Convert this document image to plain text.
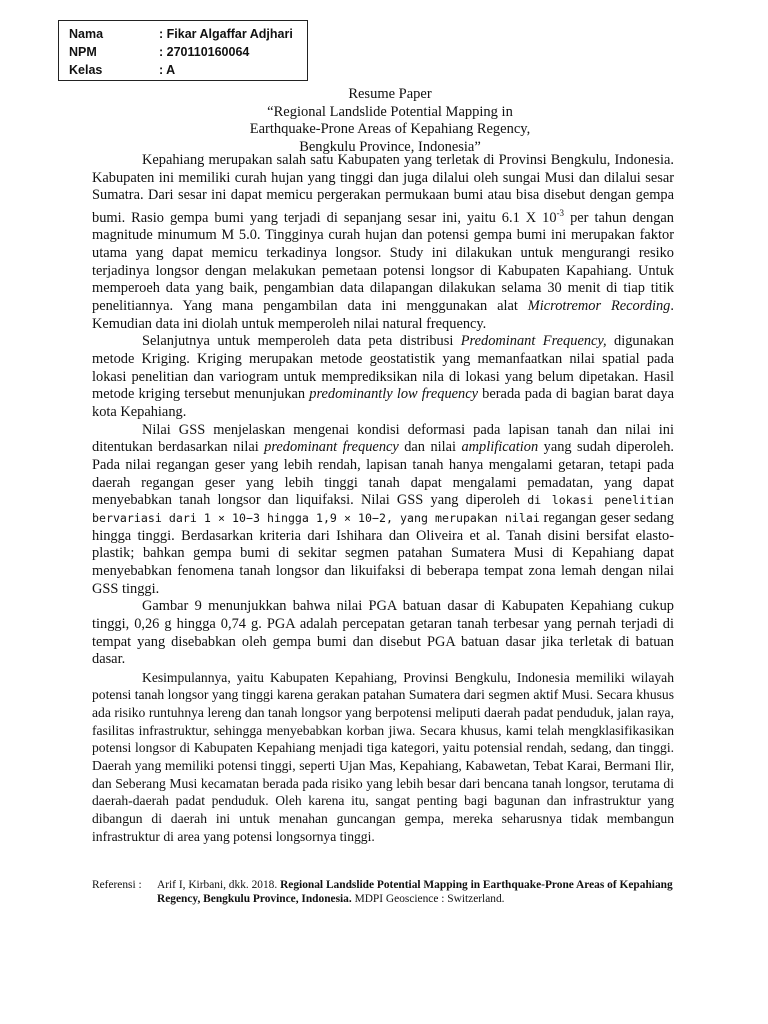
Nama	: Fikar Algaffar Adjhari
NPM	: 270110160064
Kelas	: A
Resume Paper
“Regional Landslide Potential Mapping in
Earthquake-Prone Areas of Kepahiang Regency,
Bengkulu Province, Indonesia”

Kepahiang merupakan salah satu Kabupaten yang terletak di Provinsi Bengkulu, Indonesia. Kabupaten ini memiliki curah hujan yang tinggi dan juga dilalui oleh sungai Musi dan dilalui sesar Sumatra. Dari sesar ini dapat memicu pergerakan permukaan bumi atau bisa disebut dengan gempa bumi. Rasio gempa bumi yang terjadi di sepanjang sesar ini, yaitu 6.1 X $10^{-3}$ per tahun dengan magnitude minumum M 5.0. Tingginya curah hujan dan potensi gempa bumi ini merupakan faktor utama yang dapat memicu terkadinya longsor. Study ini dilakukan untuk mengurangi resiko terjadinya longsor dengan melakukan pemetaan potensi longsor di Kabupaten Kapahiang. Untuk memperoeh data yang baik, pengambian data dilapangan dilakukan selama 30 menit di tiap titik penelitiannya. Yang mana pengambilan data ini menggunakan alat Microtremor Recording. Kemudian data ini diolah untuk memperoleh nilai natural frequency.

Selanjutnya untuk memperoleh data peta distribusi Predominant Frequency, digunakan metode Kriging. Kriging merupakan metode geostatistik yang memanfaatkan nilai spatial pada lokasi penelitian dan variogram untuk memprediksikan nila di lokasi yang belum dipetakan. Hasil metode kriging tersebut menunjukan predominantly low frequency berada pada di bagian barat daya kota Kepahiang.

Nilai GSS menjelaskan mengenai kondisi deformasi pada lapisan tanah dan nilai ini ditentukan berdasarkan nilai predominant frequency dan nilai amplification yang sudah diperoleh. Pada nilai regangan geser yang lebih rendah, lapisan tanah hanya mengalami getaran, tetapi pada daerah regangan geser yang lebih tinggi tanah dapat mengalami pemadatan, yang dapat menyebabkan tanah longsor dan liquifaksi. Nilai GSS yang diperoleh di lokasi penelitian bervariasi dari 1 × 10−3 hingga 1,9 × 10−2, yang merupakan nilai regangan geser sedang hingga tinggi. Berdasarkan kriteria dari Ishihara dan Oliveira et al. Tanah disini bersifat elasto-plastik; bahkan gempa bumi di sekitar segmen patahan Sumatera Musi di Kepahiang dapat menyebabkan fenomena tanah longsor dan likuifaksi di beberapa tempat zona lemah dengan nilai GSS tinggi.

Gambar 9 menunjukkan bahwa nilai PGA batuan dasar di Kabupaten Kepahiang cukup tinggi, 0,26 g hingga 0,74 g. PGA adalah percepatan getaran tanah terbesar yang pernah terjadi di tempat yang disebabkan oleh gempa bumi dan disebut PGA batuan dasar jika terletak di batuan dasar.

Kesimpulannya, yaitu Kabupaten Kepahiang, Provinsi Bengkulu, Indonesia memiliki wilayah potensi tanah longsor yang tinggi karena gerakan patahan Sumatera dari segmen aktif Musi. Secara khusus ada risiko runtuhnya lereng dan tanah longsor yang berpotensi meliputi daerah padat penduduk, jalan raya, fasilitas infrastruktur, sehingga menyebabkan korban jiwa. Secara khusus, kami telah mengklasifikasikan potensi longsor di Kabupaten Kepahiang menjadi tiga kategori, yaitu potensial rendah, sedang, dan tinggi. Daerah yang memiliki potensi tinggi, seperti Ujan Mas, Kepahiang, Kabawetan, Tebat Karai, Bermani Ilir, dan Seberang Musi kecamatan berada pada risiko yang lebih besar dari bencana tanah longsor, terutama di daerah-daerah padat penduduk. Oleh karena itu, sangat penting bagi bagunan dan infrastruktur yang dibangun di daerah ini untuk menahan guncangan gempa, mereka seharusnya tidak membangun infrastruktur di area yang potensi longsornya tinggi.

Referensi :	Arif I, Kirbani, dkk. 2018. Regional Landslide Potential Mapping in Earthquake-Prone Areas of Kepahiang Regency, Bengkulu Province, Indonesia. MDPI Geoscience : Switzerland.
